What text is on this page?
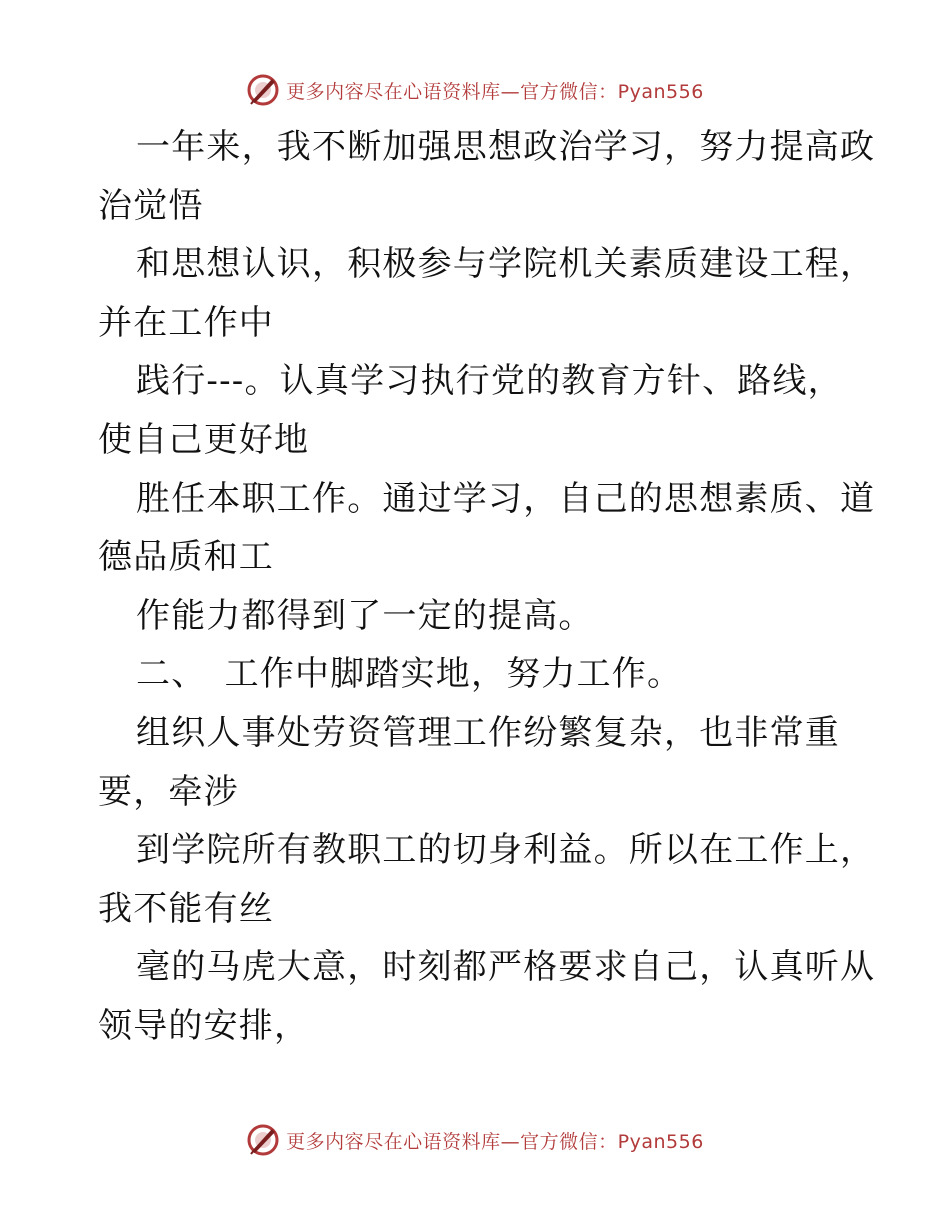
更多内容尽在心语资料库—官方微信：Pyan556
一年来，我不断加强思想政治学习，努力提高政
治觉悟
和思想认识，积极参与学院机关素质建设工程，
并在工作中
践行---。认真学习执行党的教育方针、路线，
使自己更好地
胜任本职工作。通过学习，自己的思想素质、道
德品质和工
作能力都得到了一定的提高。
二、　工作中脚踏实地，努力工作。
组织人事处劳资管理工作纷繁复杂，也非常重
要，牵涉
到学院所有教职工的切身利益。所以在工作上，
我不能有丝
毫的马虎大意，时刻都严格要求自己，认真听从
领导的安排，
更多内容尽在心语资料库—官方微信：Pyan556
